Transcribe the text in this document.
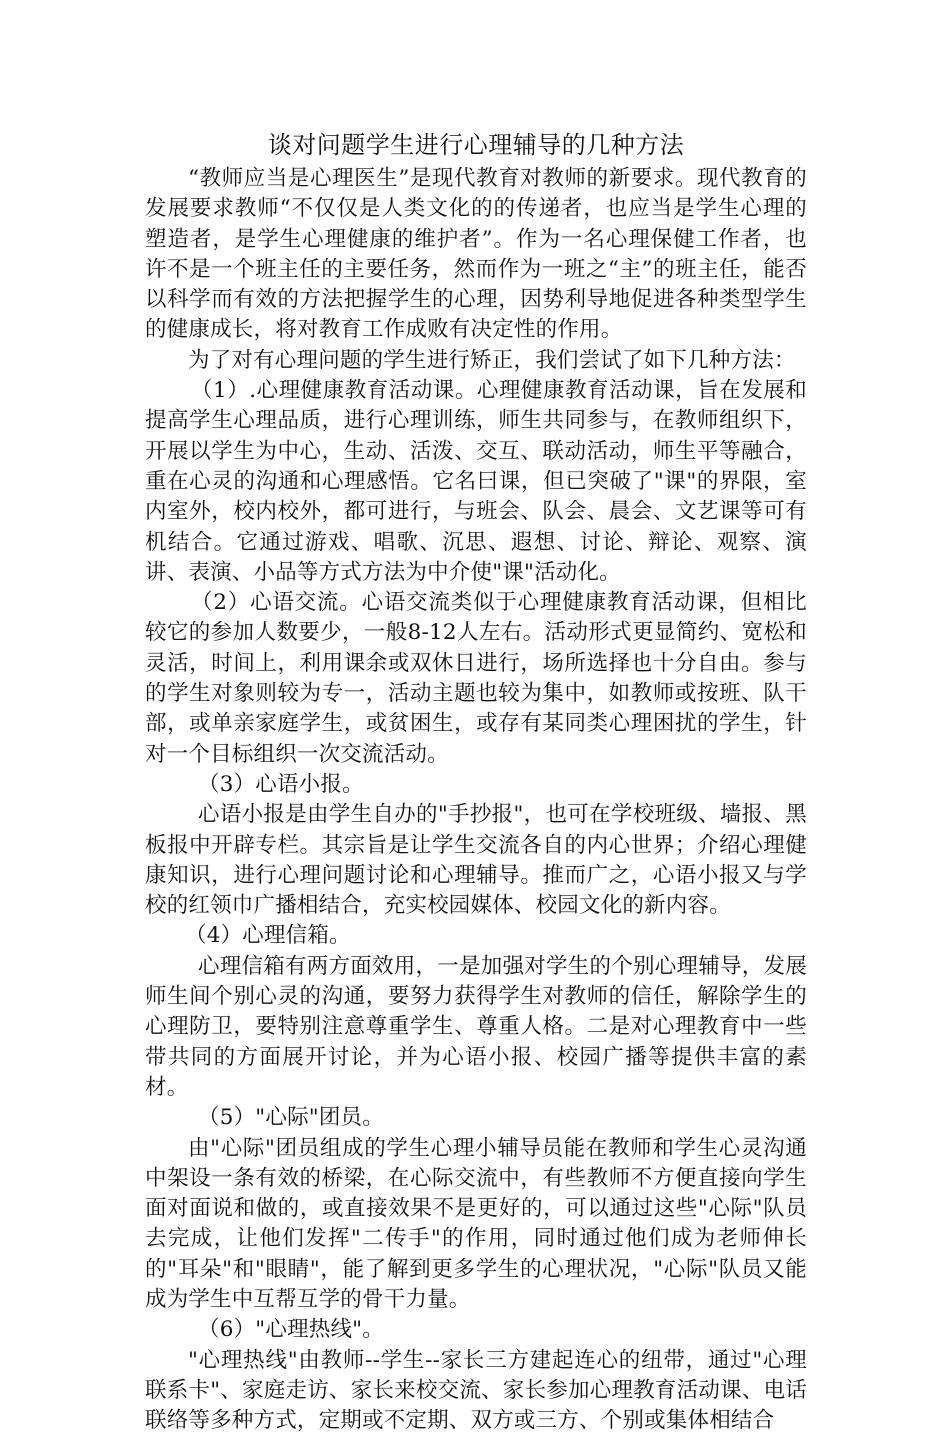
谈对问题学生进行心理辅导的几种方法

“教师应当是心理医生”是现代教育对教师的新要求。现代教育的发展要求教师“不仅仅是人类文化的的传递者，也应当是学生心理的塑造者，是学生心理健康的维护者”。作为一名心理保健工作者，也许不是一个班主任的主要任务，然而作为一班之“主”的班主任，能否以科学而有效的方法把握学生的心理，因势利导地促进各种类型学生的健康成长，将对教育工作成败有决定性的作用。

为了对有心理问题的学生进行矫正，我们尝试了如下几种方法：

（1）.心理健康教育活动课。心理健康教育活动课，旨在发展和提高学生心理品质，进行心理训练，师生共同参与，在教师组织下，开展以学生为中心，生动、活泼、交互、联动活动，师生平等融合，重在心灵的沟通和心理感悟。它名曰课，但已突破了"课"的界限，室内室外，校内校外，都可进行，与班会、队会、晨会、文艺课等可有机结合。它通过游戏、唱歌、沉思、遐想、讨论、辩论、观察、演讲、表演、小品等方式方法为中介使"课"活动化。

（2）心语交流。心语交流类似于心理健康教育活动课，但相比较它的参加人数要少，一般8-12人左右。活动形式更显简约、宽松和灵活，时间上，利用课余或双休日进行，场所选择也十分自由。参与的学生对象则较为专一，活动主题也较为集中，如教师或按班、队干部，或单亲家庭学生，或贫困生，或存有某同类心理困扰的学生，针对一个目标组织一次交流活动。

（3）心语小报。

心语小报是由学生自办的"手抄报"，也可在学校班级、墙报、黑板报中开辟专栏。其宗旨是让学生交流各自的内心世界；介绍心理健康知识，进行心理问题讨论和心理辅导。推而广之，心语小报又与学校的红领巾广播相结合，充实校园媒体、校园文化的新内容。

（4）心理信箱。

心理信箱有两方面效用，一是加强对学生的个别心理辅导，发展师生间个别心灵的沟通，要努力获得学生对教师的信任，解除学生的心理防卫，要特别注意尊重学生、尊重人格。二是对心理教育中一些带共同的方面展开讨论，并为心语小报、校园广播等提供丰富的素材。

（5）"心际"团员。

由"心际"团员组成的学生心理小辅导员能在教师和学生心灵沟通中架设一条有效的桥梁，在心际交流中，有些教师不方便直接向学生面对面说和做的，或直接效果不是更好的，可以通过这些"心际"队员去完成，让他们发挥"二传手"的作用，同时通过他们成为老师伸长的"耳朵"和"眼睛"，能了解到更多学生的心理状况，"心际"队员又能成为学生中互帮互学的骨干力量。

（6）"心理热线"。

"心理热线"由教师--学生--家长三方建起连心的纽带，通过"心理联系卡"、家庭走访、家长来校交流、家长参加心理教育活动课、电话联络等多种方式，定期或不定期、双方或三方、个别或集体相结合
